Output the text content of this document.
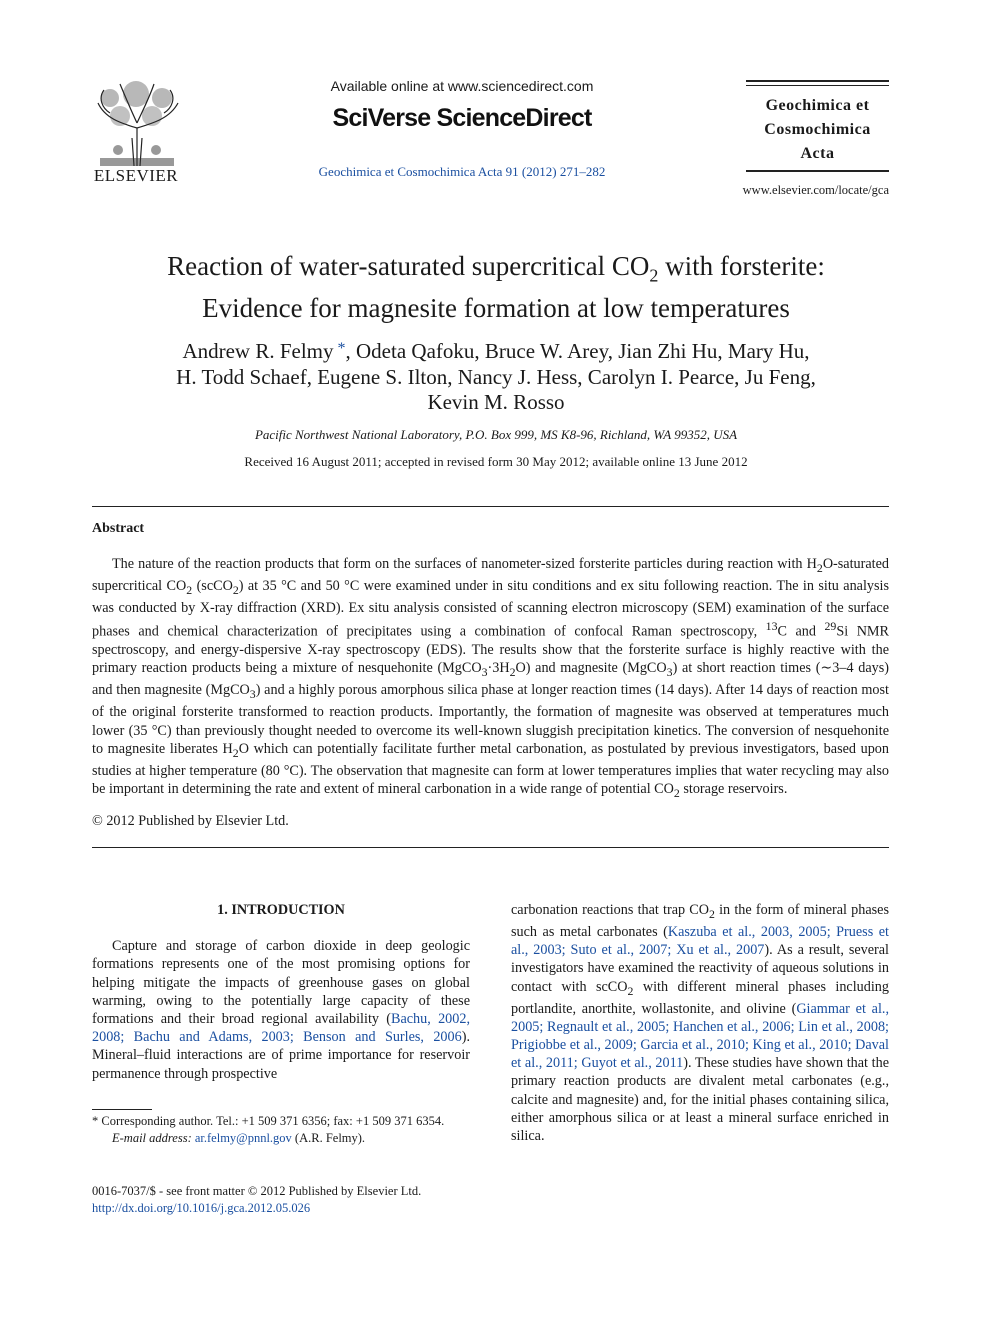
ELSEVIER
Available online at www.sciencedirect.com
SciVerse ScienceDirect
Geochimica et Cosmochimica Acta 91 (2012) 271–282
Geochimica et
Cosmochimica
Acta
www.elsevier.com/locate/gca
Reaction of water-saturated supercritical $CO_2$ with forsterite:
Evidence for magnesite formation at low temperatures
Andrew R. Felmy *, Odeta Qafoku, Bruce W. Arey, Jian Zhi Hu, Mary Hu,
H. Todd Schaef, Eugene S. Ilton, Nancy J. Hess, Carolyn I. Pearce, Ju Feng,
Kevin M. Rosso
Pacific Northwest National Laboratory, P.O. Box 999, MS K8-96, Richland, WA 99352, USA
Received 16 August 2011; accepted in revised form 30 May 2012; available online 13 June 2012
Abstract
The nature of the reaction products that form on the surfaces of nanometer-sized forsterite particles during reaction with $H_2O$-saturated supercritical $CO_2$ (scCO$_2$) at 35 °C and 50 °C were examined under in situ conditions and ex situ following reaction. The in situ analysis was conducted by X-ray diffraction (XRD). Ex situ analysis consisted of scanning electron microscopy (SEM) examination of the surface phases and chemical characterization of precipitates using a combination of confocal Raman spectroscopy, $^{13}$C and $^{29}$Si NMR spectroscopy, and energy-dispersive X-ray spectroscopy (EDS). The results show that the forsterite surface is highly reactive with the primary reaction products being a mixture of nesquehonite $(MgCO_3\cdot 3H_2O)$ and magnesite (MgCO$_3$) at short reaction times (∼3–4 days) and then magnesite (MgCO$_3$) and a highly porous amorphous silica phase at longer reaction times (14 days). After 14 days of reaction most of the original forsterite transformed to reaction products. Importantly, the formation of magnesite was observed at temperatures much lower (35 °C) than previously thought needed to overcome its well-known sluggish precipitation kinetics. The conversion of nesquehonite to magnesite liberates $H_2O$ which can potentially facilitate further metal carbonation, as postulated by previous investigators, based upon studies at higher temperature (80 °C). The observation that magnesite can form at lower temperatures implies that water recycling may also be important in determining the rate and extent of mineral carbonation in a wide range of potential $CO_2$ storage reservoirs.
© 2012 Published by Elsevier Ltd.
1. INTRODUCTION

Capture and storage of carbon dioxide in deep geologic formations represents one of the most promising options for helping mitigate the impacts of greenhouse gases on global warming, owing to the potentially large capacity of these formations and their broad regional availability (Bachu, 2002, 2008; Bachu and Adams, 2003; Benson and Surles, 2006). Mineral–fluid interactions are of prime importance for reservoir permanence through prospective

carbonation reactions that trap $CO_2$ in the form of mineral phases such as metal carbonates (Kaszuba et al., 2003, 2005; Pruess et al., 2003; Suto et al., 2007; Xu et al., 2007). As a result, several investigators have examined the reactivity of aqueous solutions in contact with scCO$_2$ with different mineral phases including portlandite, anorthite, wollastonite, and olivine (Giammar et al., 2005; Regnault et al., 2005; Hanchen et al., 2006; Lin et al., 2008; Prigiobbe et al., 2009; Garcia et al., 2010; King et al., 2010; Daval et al., 2011; Guyot et al., 2011). These studies have shown that the primary reaction products are divalent metal carbonates (e.g., calcite and magnesite) and, for the initial phases containing silica, either amorphous silica or at least a mineral surface enriched in silica.

* Corresponding author. Tel.: +1 509 371 6356; fax: +1 509 371 6354.

E-mail address: ar.felmy@pnnl.gov (A.R. Felmy).

0016-7037/$ - see front matter © 2012 Published by Elsevier Ltd.

http://dx.doi.org/10.1016/j.gca.2012.05.026
